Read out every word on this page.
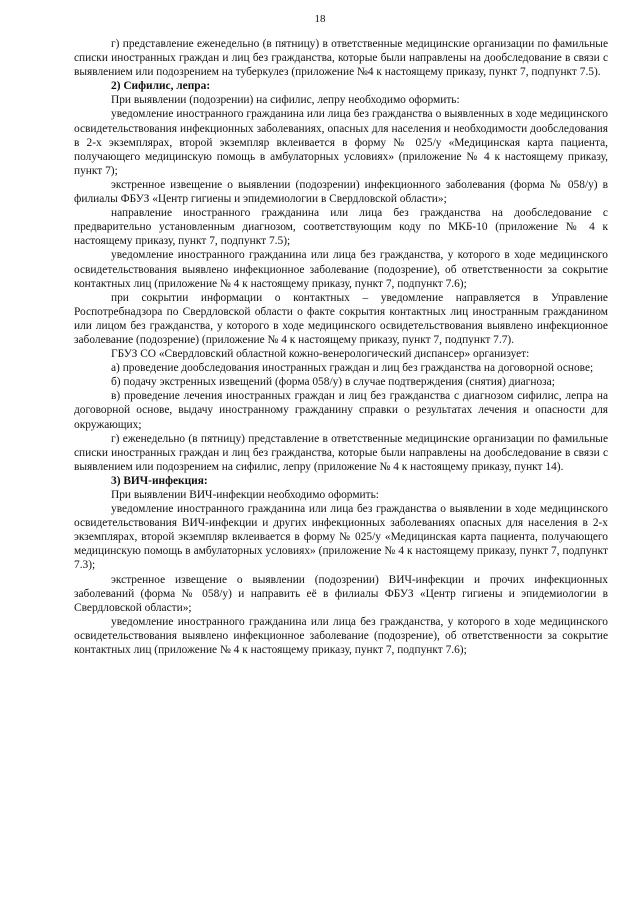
18

г) представление еженедельно (в пятницу) в ответственные медицинские организации по фамильные списки иностранных граждан и лиц без гражданства, которые были направлены на дообследование в связи с выявлением или подозрением на туберкулез (приложение №4 к настоящему приказу, пункт 7, подпункт 7.5).

2) Сифилис, лепра:

При выявлении (подозрении) на сифилис, лепру необходимо оформить:

уведомление иностранного гражданина или лица без гражданства о выявленных в ходе медицинского освидетельствования инфекционных заболеваниях, опасных для населения и необходимости дообследования в 2-х экземплярах, второй экземпляр вклеивается в форму № 025/у «Медицинская карта пациента, получающего медицинскую помощь в амбулаторных условиях» (приложение № 4 к настоящему приказу, пункт 7);

экстренное извещение о выявлении (подозрении) инфекционного заболевания (форма № 058/у) в филиалы ФБУЗ «Центр гигиены и эпидемиологии в Свердловской области»;

направление иностранного гражданина или лица без гражданства на дообследование с предварительно установленным диагнозом, соответствующим коду по МКБ-10 (приложение № 4 к настоящему приказу, пункт 7, подпункт 7.5);

уведомление иностранного гражданина или лица без гражданства, у которого в ходе медицинского освидетельствования выявлено инфекционное заболевание (подозрение), об ответственности за сокрытие контактных лиц (приложение № 4 к настоящему приказу, пункт 7, подпункт 7.6);

при сокрытии информации о контактных – уведомление направляется в Управление Роспотребнадзора по Свердловской области о факте сокрытия контактных лиц иностранным гражданином или лицом без гражданства, у которого в ходе медицинского освидетельствования выявлено инфекционное заболевание (подозрение) (приложение № 4 к настоящему приказу, пункт 7, подпункт 7.7).

ГБУЗ СО «Свердловский областной кожно-венерологический диспансер» организует:

а) проведение дообследования иностранных граждан и лиц без гражданства на договорной основе;

б) подачу экстренных извещений (форма 058/у) в случае подтверждения (снятия) диагноза;

в) проведение лечения иностранных граждан и лиц без гражданства с диагнозом сифилис, лепра на договорной основе, выдачу иностранному гражданину справки о результатах лечения и опасности для окружающих;

г) еженедельно (в пятницу) представление в ответственные медицинские организации по фамильные списки иностранных граждан и лиц без гражданства, которые были направлены на дообследование в связи с выявлением или подозрением на сифилис, лепру (приложение № 4 к настоящему приказу, пункт 14).

3) ВИЧ-инфекция:

При выявлении ВИЧ-инфекции необходимо оформить:

уведомление иностранного гражданина или лица без гражданства о выявлении в ходе медицинского освидетельствования ВИЧ-инфекции и других инфекционных заболеваниях опасных для населения в 2-х экземплярах, второй экземпляр вклеивается в форму № 025/у «Медицинская карта пациента, получающего медицинскую помощь в амбулаторных условиях» (приложение № 4 к настоящему приказу, пункт 7, подпункт 7.3);

экстренное извещение о выявлении (подозрении) ВИЧ-инфекции и прочих инфекционных заболеваний (форма № 058/у) и направить её в филиалы ФБУЗ «Центр гигиены и эпидемиологии в Свердловской области»;

уведомление иностранного гражданина или лица без гражданства, у которого в ходе медицинского освидетельствования выявлено инфекционное заболевание (подозрение), об ответственности за сокрытие контактных лиц (приложение № 4 к настоящему приказу, пункт 7, подпункт 7.6);
